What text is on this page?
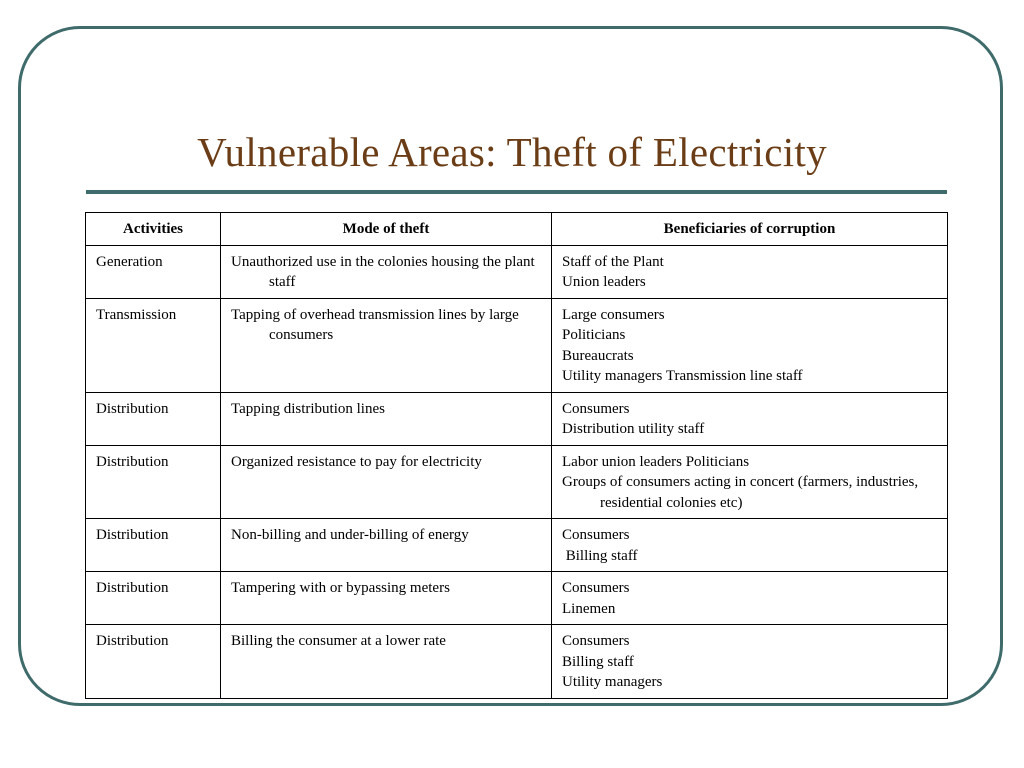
Vulnerable Areas: Theft of Electricity
Activities	Mode of theft	Beneficiaries of corruption
Generation	Unauthorized use in the colonies housing the plant staff	Staff of the Plant
Union leaders

Transmission	Tapping of overhead transmission lines by large consumers	Large consumers
Politicians
Bureaucrats
Utility managers Transmission line staff

Distribution	Tapping distribution lines	Consumers
Distribution utility staff

Distribution	Organized resistance to pay for electricity	Labor union leaders Politicians
Groups of consumers acting in concert (farmers, industries, residential colonies etc)

Distribution	Non-billing and under-billing of energy	Consumers
Billing staff

Distribution	Tampering with or bypassing meters	Consumers
Linemen

Distribution	Billing the consumer at a lower rate	Consumers
Billing staff
Utility managers
